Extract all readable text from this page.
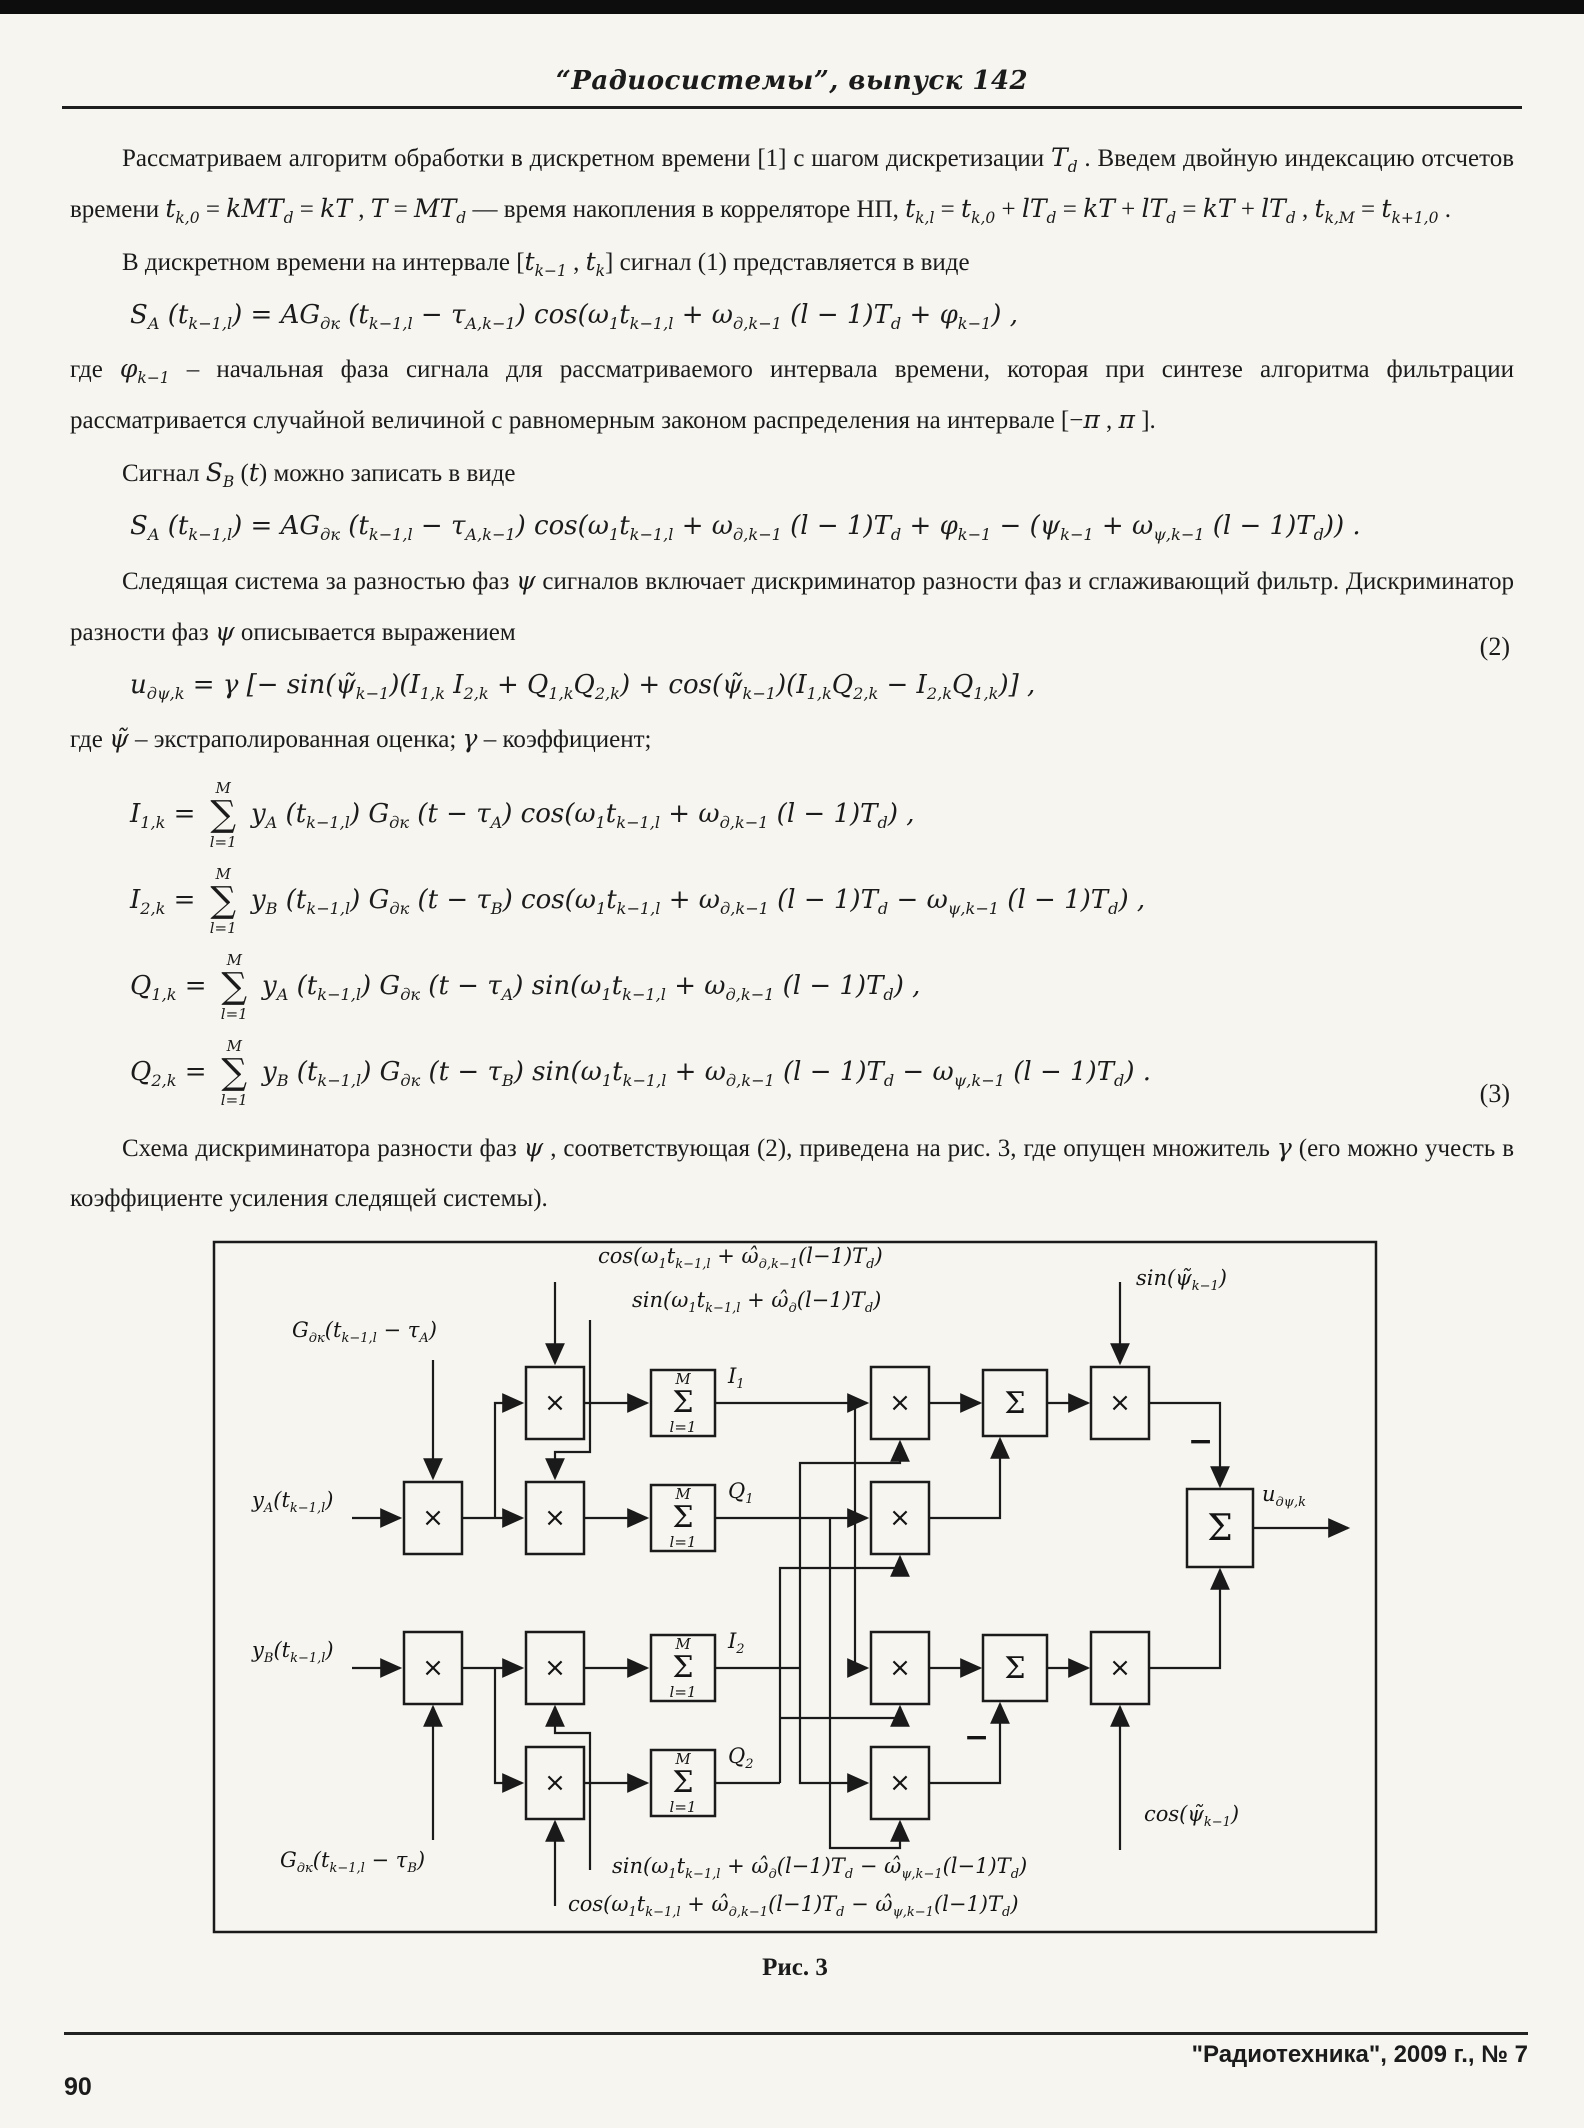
“Радиосистемы”, выпуск 142

Рассматриваем алгоритм обработки в дискретном времени [1] с шагом дискретизации $T_d$ . Введем двойную индексацию отсчетов времени $t_{k,0} = kMT_d$ = kT , $T = MT_d$ — время накопления в корреляторе НП, $t_{k,l} = t_{k,0} + lT_d$ = kT + $lT_d$ = kT + $lT_d$ , $t_{k,M} = t_{k+1,0}$ .

В дискретном времени на интервале [$t_{k-1}$ , $t_k$] сигнал (1) представляется в виде

$S_A$ $(t_{k-1,l}) = AG_{дк}$ $(t_{k-1,l} - \tau_{A,k-1}) \cos(\omega_1t_{k-1,l} + \omega_{д,k-1}$ $(l - 1)T_d + \varphi_{k-1}$) ,

где $\varphi_{k-1}$ – начальная фаза сигнала для рассматриваемого интервала времени, которая при синтезе алгоритма фильтрации рассматривается случайной величиной с равномерным законом распределения на интервале [−π , π ].

Сигнал $S_B$ (t) можно записать в виде

$S_A$ $(t_{k-1,l}) = AG_{дк}$ $(t_{k-1,l} - \tau_{A,k-1}) \cos(\omega_1t_{k-1,l} + \omega_{д,k-1}$ $(l - 1)T_d + \varphi_{k-1} - (\psi_{k-1} + \omega_{\psi,k-1}$ $(l - 1)T_d$)) .

Следящая система за разностью фаз ψ сигналов включает дискриминатор разности фаз и сглаживающий фильтр. Дискриминатор разности фаз ψ описывается выражением	(2)
$u_{д\psi,k} = \gamma$ [− $\sin(\psĩ_{k-1})(I_{1,k}$ $I_{2,k} + Q_{1,k}Q_{2,k}$) + $\cos(\psĩ_{k-1})(I_{1,k}Q_{2,k} - I_{2,k}Q_{1,k})$] ,

где ψ̃ – экстраполированная оценка; γ – коэффициент;

(3)
$I_{1,k}$ =
M
∑
l=1
$y_A$ $(t_{k-1,l})$ $G_{дк}$ $(t - \tau_A)$ $\cos(\omega_1t_{k-1,l} + \omega_{д,k-1}$ $(l - 1)T_d$) ,
$I_{2,k}$ =
M
∑
l=1
$y_B$ $(t_{k-1,l})$ $G_{дк}$ $(t - \tau_B)$ $\cos(\omega_1t_{k-1,l} + \omega_{д,k-1}$ $(l - 1)T_d - \omega_{\psi,k-1}$ $(l - 1)T_d$) ,
$Q_{1,k}$ =
M
∑
l=1
$y_A$ $(t_{k-1,l})$ $G_{дк}$ $(t - \tau_A)$ $\sin(\omega_1t_{k-1,l} + \omega_{д,k-1}$ $(l - 1)T_d$) ,
$Q_{2,k}$ =
M
∑
l=1
$y_B$ $(t_{k-1,l})$ $G_{дк}$ $(t - \tau_B)$ $\sin(\omega_1t_{k-1,l} + \omega_{д,k-1}$ $(l - 1)T_d - \omega_{\psi,k-1}$ $(l - 1)T_d$) .

Схема дискриминатора разности фаз ψ , соответствующая (2), приведена на рис. 3, где опущен множитель γ (его можно учесть в коэффициенте усиления следящей системы).

×
×
×
×	×
×
×
×
×
×
×
×
Σ
Σ
Σ
M
Σ
l=1
M
Σ
l=1
M
Σ
l=1
M
Σ
l=1
$\cos(\omega_1t_{k-1,l}$ + $\omegâ_{д,k-1}(l-1)T_d$)
$\sin(\omega_1t_{k-1,l}$ + $\omegâ_д(l-1)T_d$)
$\sin(\psĩ_{k-1})$
$G_{дк}(t_{k-1,l} - \tau_A)$
$y_A(t_{k-1,l})$
$y_B(t_{k-1,l})$
$G_{дк}(t_{k-1,l} - \tau_B)$
$I_1$
$Q_1$
$I_2$
$Q_2$
$\sin(\omega_1t_{k-1,l}$ + $\omegâ_д(l-1)T_d$ − $\omegâ_{\psi,k-1}(l-1)T_d$)
$\cos(\omega_1t_{k-1,l}$ + $\omegâ_{д,k-1}(l-1)T_d$ − $\omegâ_{\psi,k-1}(l-1)T_d$)
$\cos(\psĩ_{k-1})$
$u_{д\psi,k}$
−
−
Рис. 3
"Радиотехника", 2009 г., № 7
90
